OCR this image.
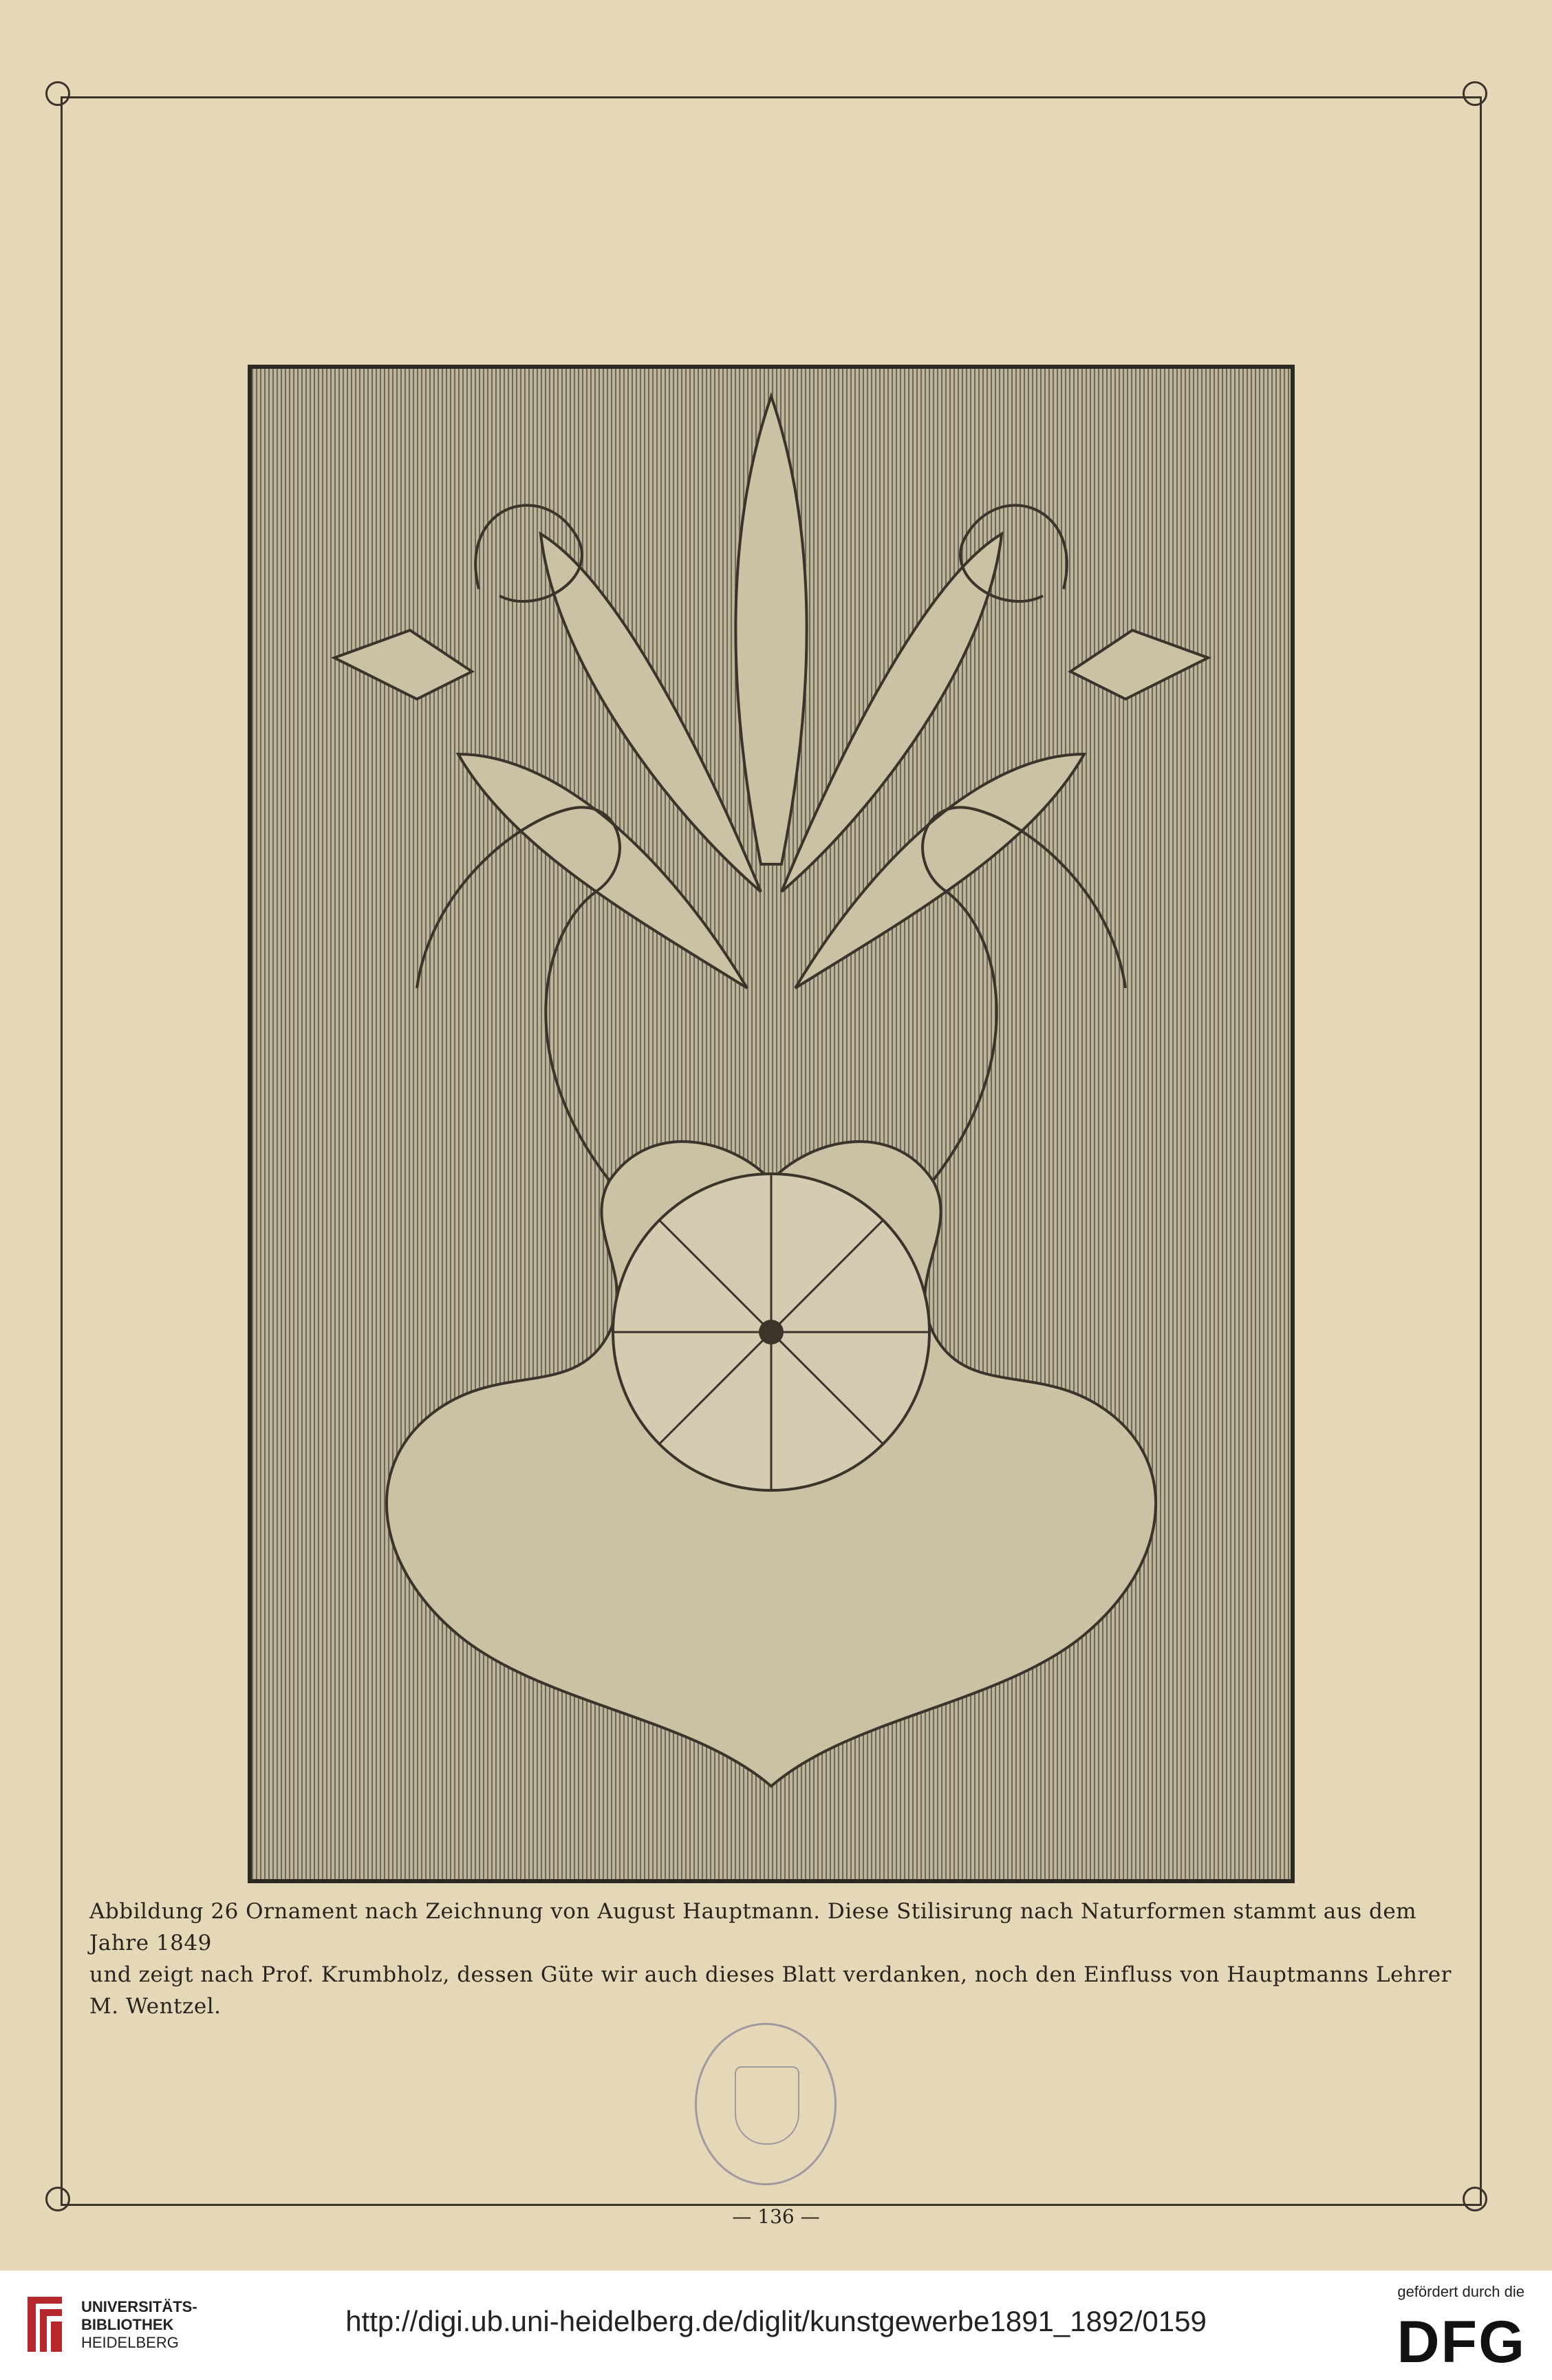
Abbildung 26 Ornament nach Zeichnung von August Hauptmann. Diese Stilisirung nach Naturformen stammt aus dem Jahre 1849

und zeigt nach Prof. Krumbholz, dessen Güte wir auch dieses Blatt verdanken, noch den Einfluss von Hauptmanns Lehrer M. Wentzel.

— 136 —
UNIVERSITÄTS-
BIBLIOTHEK
HEIDELBERG
http://digi.ub.uni-heidelberg.de/diglit/kunstgewerbe1891_1892/0159
gefördert durch die
DFG
